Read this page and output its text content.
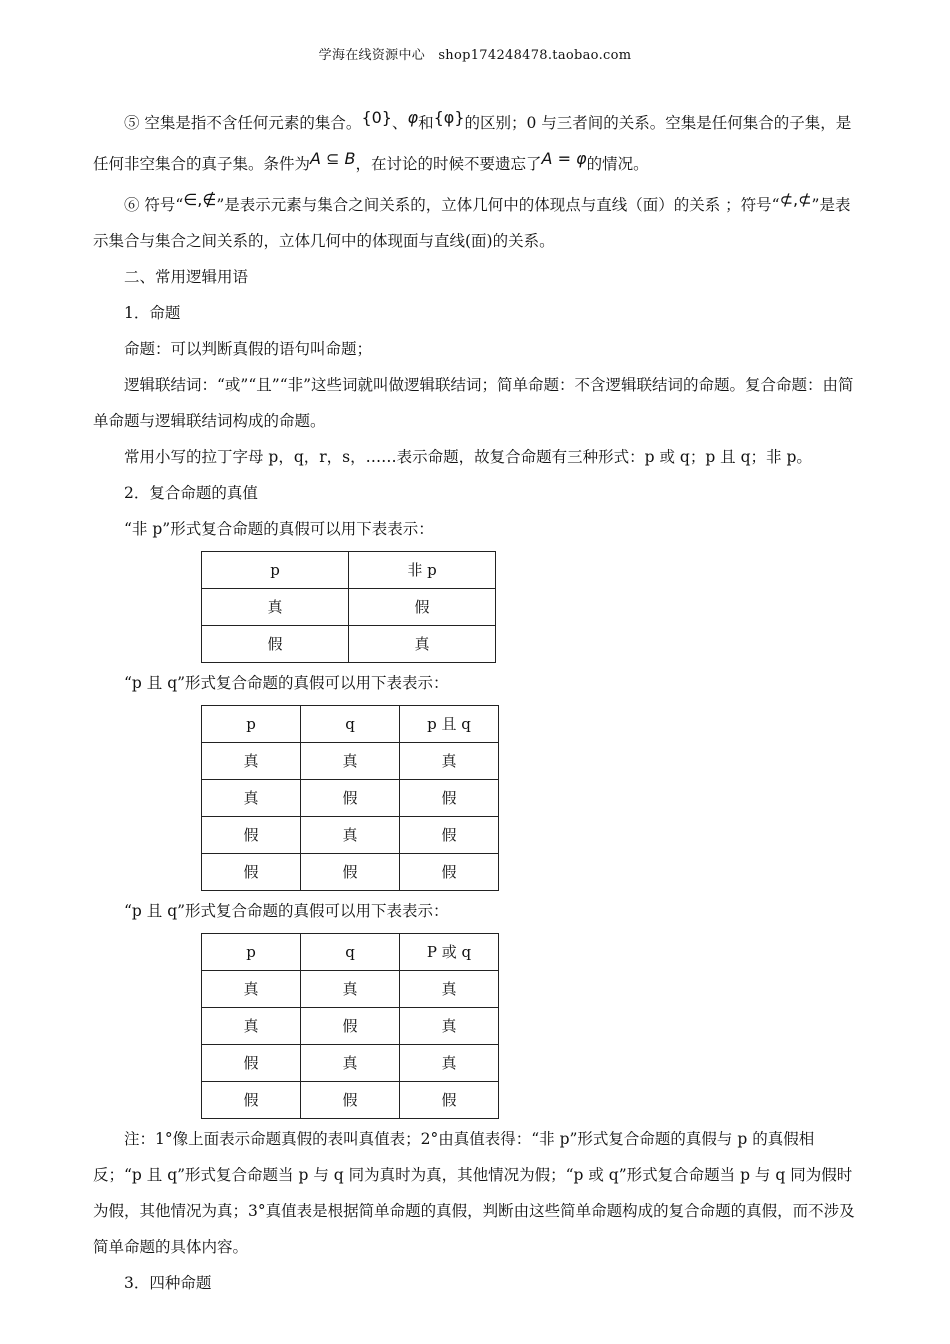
学海在线资源中心　shop174248478.taobao.com

⑤ 空集是指不含任何元素的集合。{0}、φ和{φ}的区别；0 与三者间的关系。空集是任何集合的子集，是任何非空集合的真子集。条件为A ⊆ B，在讨论的时候不要遗忘了A = φ的情况。

⑥ 符号“∈,∉”是表示元素与集合之间关系的，立体几何中的体现点与直线（面）的关系 ；符号“⊄,⊄”是表示集合与集合之间关系的，立体几何中的体现面与直线(面)的关系。

二、常用逻辑用语

1．命题

命题：可以判断真假的语句叫命题；

逻辑联结词：“或”“且”“非”这些词就叫做逻辑联结词；简单命题：不含逻辑联结词的命题。复合命题：由简单命题与逻辑联结词构成的命题。

常用小写的拉丁字母 p，q，r，s，……表示命题，故复合命题有三种形式：p 或 q；p 且 q；非 p。

2．复合命题的真值

“非 p”形式复合命题的真假可以用下表表示：

p	非 p
真	假
假	真

“p 且 q”形式复合命题的真假可以用下表表示：

p	q	p 且 q
真	真	真
真	假	假
假	真	假
假	假	假

“p 且 q”形式复合命题的真假可以用下表表示：

p	q	P 或 q
真	真	真
真	假	真
假	真	真
假	假	假

注：1°像上面表示命题真假的表叫真值表；2°由真值表得：“非 p”形式复合命题的真假与 p 的真假相反；“p 且 q”形式复合命题当 p 与 q 同为真时为真，其他情况为假；“p 或 q”形式复合命题当 p 与 q 同为假时为假，其他情况为真；3°真值表是根据简单命题的真假，判断由这些简单命题构成的复合命题的真假，而不涉及简单命题的具体内容。

3．四种命题
